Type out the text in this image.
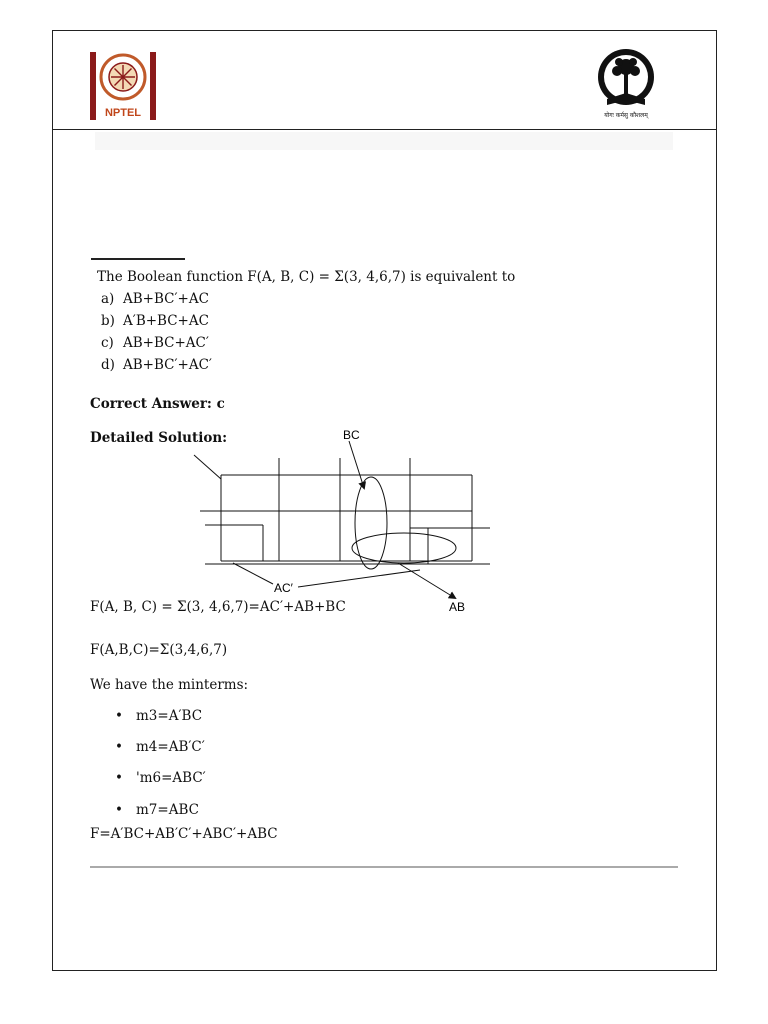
NPTEL	योगः कर्मसु कौशलम्
The Boolean function F(A, B, C) = Σ(3, 4,6,7) is equivalent to
a) AB+BC′+AC
b) A′B+BC+AC
c) AB+BC+AC′
d) AB+BC′+AC′
Correct Answer: c
Detailed Solution:	BC
AC′
AB
F(A, B, C) = Σ(3, 4,6,7)=AC′+AB+BC
F(A,B,C)=Σ(3,4,6,7)
We have the minterms:
• m3=A′BC
• m4=AB′C′
• 'm6=ABC′
• m7=ABC
F=A′BC+AB′C′+ABC′+ABC
